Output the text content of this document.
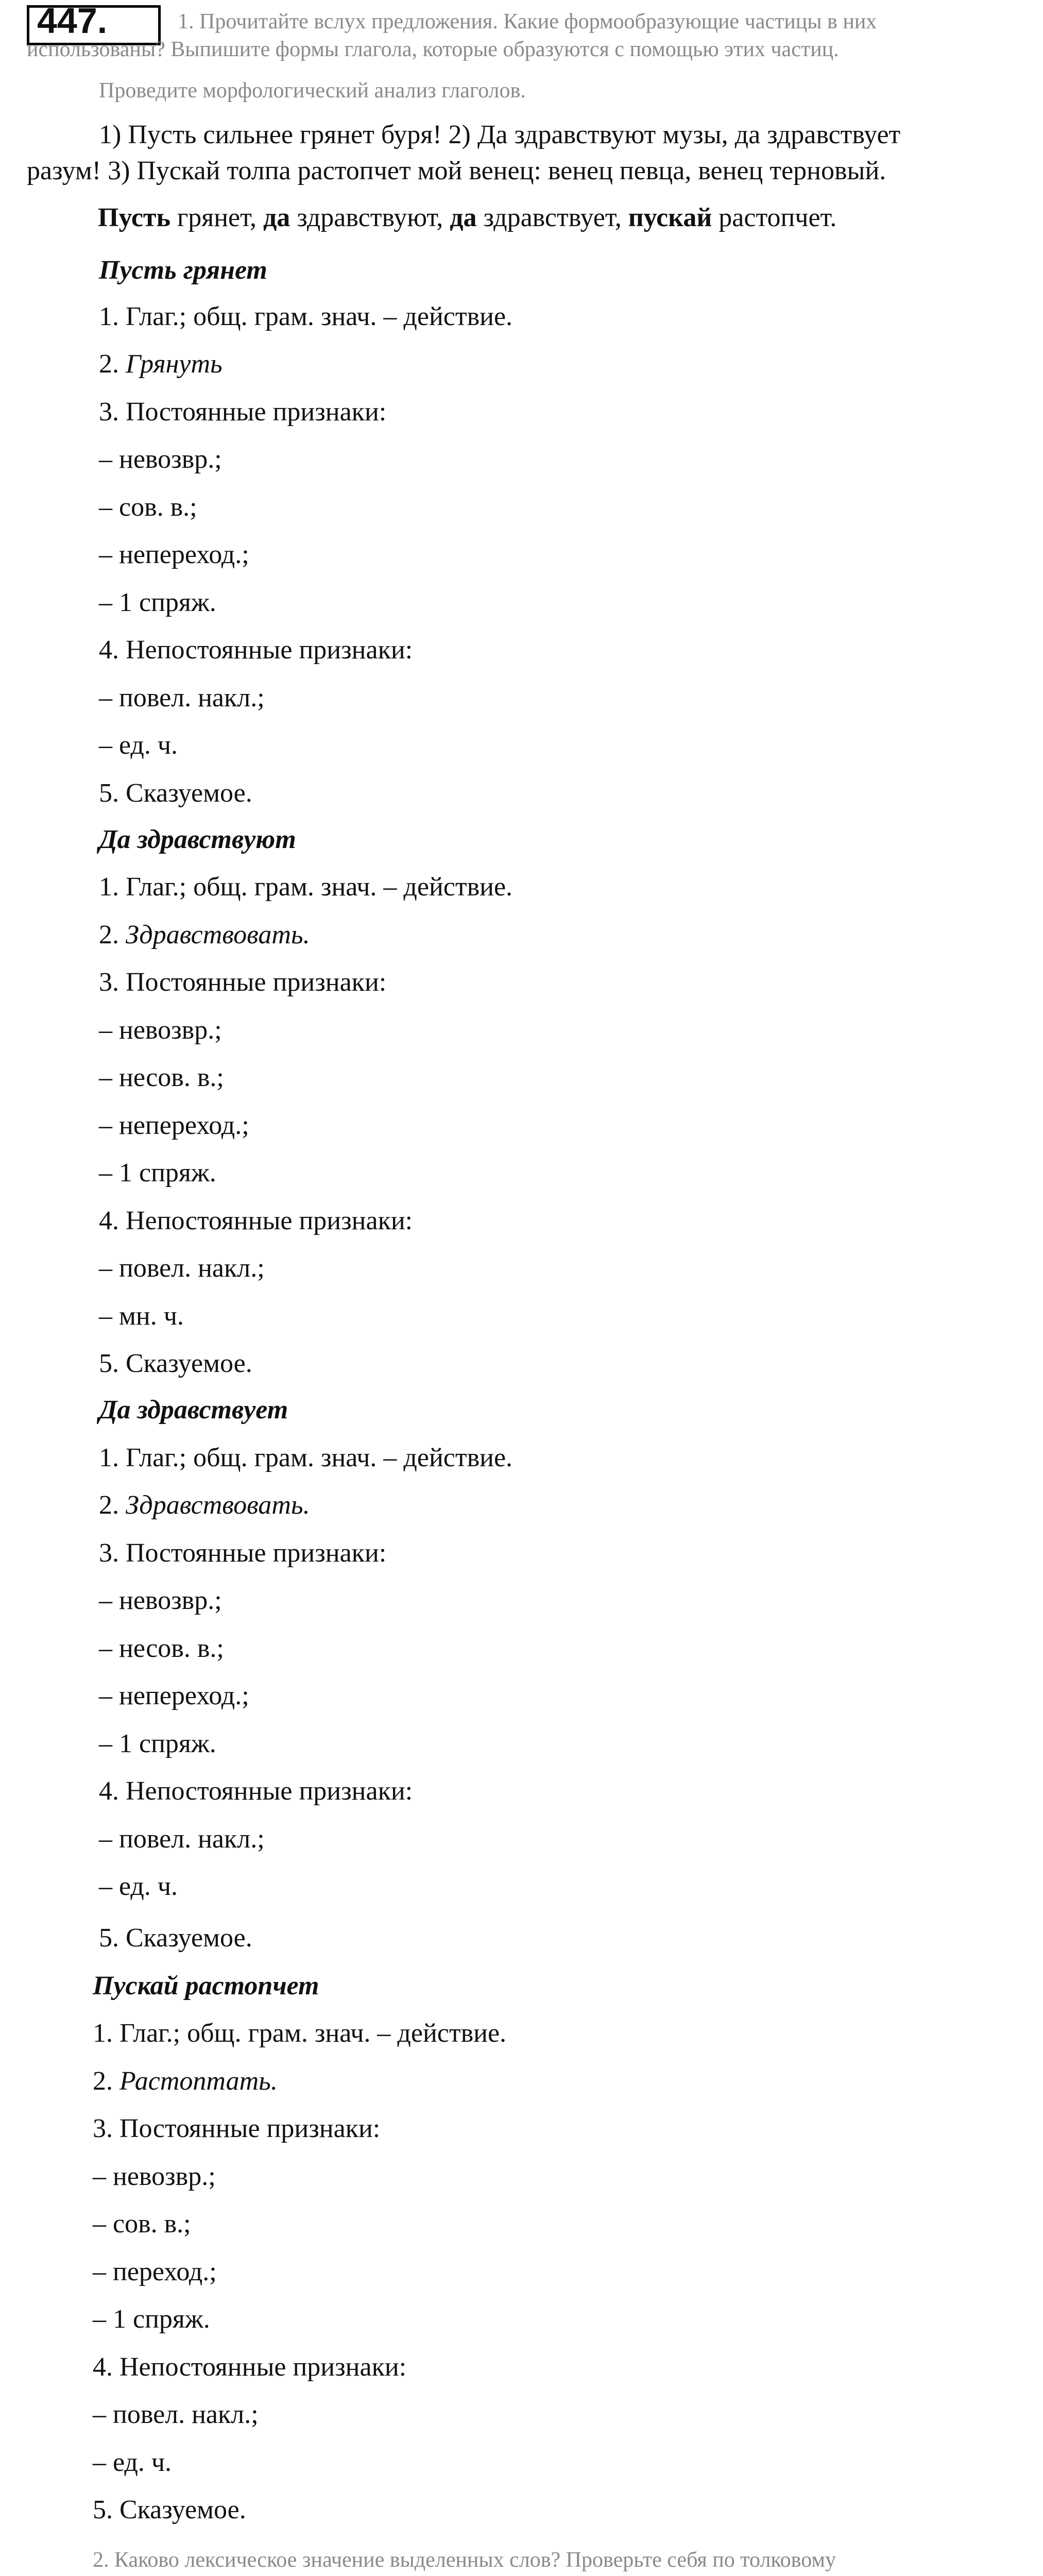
447.	1. Прочитайте вслух предложения. Какие формообразующие частицы в них
использованы? Выпишите формы глагола, которые образуются с помощью этих частиц.
Проведите морфологический анализ глаголов.
1) Пусть сильнее грянет буря! 2) Да здравствуют музы, да здравствует
разум! 3) Пускай толпа растопчет мой венец: венец певца, венец терновый.
Пусть грянет, да здравствуют, да здравствует, пускай растопчет.
Пусть грянет
1. Глаг.; общ. грам. знач. – действие.
2. Грянуть
3. Постоянные признаки:
– невозвр.;
– сов. в.;
– непереход.;
– 1 спряж.
4. Непостоянные признаки:
– повел. накл.;
– ед. ч.
5. Сказуемое.
Да здравствуют
1. Глаг.; общ. грам. знач. – действие.
2. Здравствовать.
3. Постоянные признаки:
– невозвр.;
– несов. в.;
– непереход.;
– 1 спряж.
4. Непостоянные признаки:
– повел. накл.;
– мн. ч.
5. Сказуемое.
Да здравствует
1. Глаг.; общ. грам. знач. – действие.
2. Здравствовать.
3. Постоянные признаки:
– невозвр.;
– несов. в.;
– непереход.;
– 1 спряж.
4. Непостоянные признаки:
– повел. накл.;
– ед. ч.
5. Сказуемое.
Пускай растопчет
1. Глаг.; общ. грам. знач. – действие.
2. Растоптать.
3. Постоянные признаки:
– невозвр.;
– сов. в.;
– переход.;
– 1 спряж.
4. Непостоянные признаки:
– повел. накл.;
– ед. ч.
5. Сказуемое.
2. Каково лексическое значение выделенных слов? Проверьте себя по толковому
